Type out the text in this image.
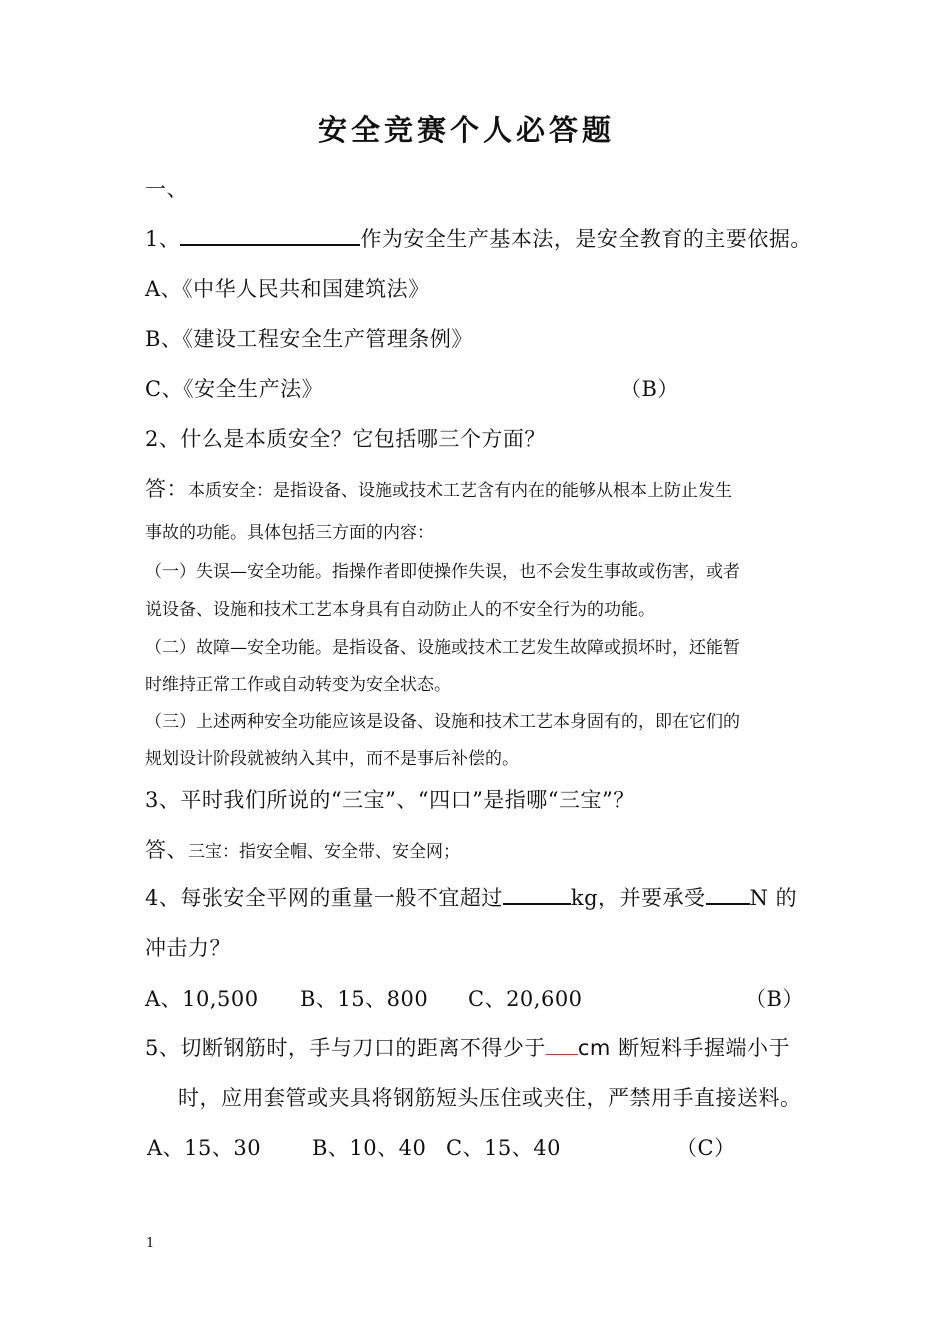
安全竞赛个人必答题
一、
1、	作为安全生产基本法，是安全教育的主要依据。
A、《中华人民共和国建筑法》
B、《建设工程安全生产管理条例》
C、《安全生产法》	（B）
2、什么是本质安全？它包括哪三个方面？
答：本质安全：是指设备、设施或技术工艺含有内在的能够从根本上防止发生
事故的功能。具体包括三方面的内容：
（一）失误—安全功能。指操作者即使操作失误，也不会发生事故或伤害，或者
说设备、设施和技术工艺本身具有自动防止人的不安全行为的功能。
（二）故障—安全功能。是指设备、设施或技术工艺发生故障或损坏时，还能暂
时维持正常工作或自动转变为安全状态。
（三）上述两种安全功能应该是设备、设施和技术工艺本身固有的，即在它们的
规划设计阶段就被纳入其中，而不是事后补偿的。
3、平时我们所说的“三宝”、“四口”是指哪“三宝”？
答、三宝：指安全帽、安全带、安全网；
4、每张安全平网的重量一般不宜超过	kg，并要承受 N 的
冲击力？
A、10,500 B、15、800 C、20,600	（B）
5、切断钢筋时，手与刀口的距离不得少于 cm 断短料手握端小于
时，应用套管或夹具将钢筋短头压住或夹住，严禁用手直接送料。
A、15、30 B、10、40 C、15、40	（C）
1
